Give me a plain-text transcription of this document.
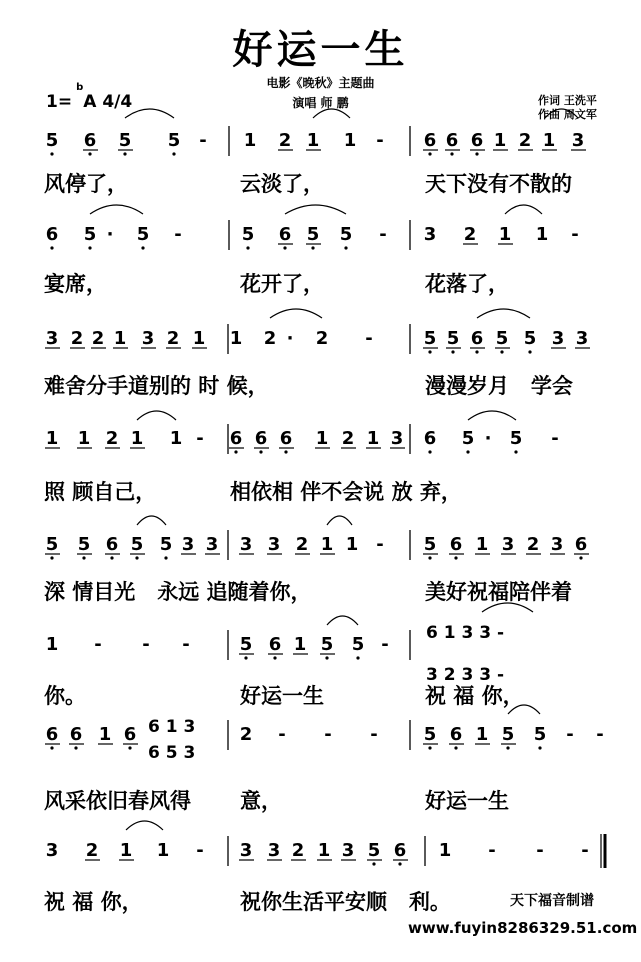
好运一生
电影《晚秋》主题曲
演唱 师 鹏
1=$^b$A 4/4	作词 王洗平
作曲 周文军
5 6 5 5 - 1 2 1 1 - 6 6 6 1 2 1 3
6 5 · 5 -	5 6 5 5 - 3 2 1 1 -
3 2 2 1 3 2 1 1 2 · 2 -	5 5 6 5 5 3 3
1 1 2 1 1 - 6 6 6 1 2 1 3 6 5 · 5 -
5 5 6 5 5 3 3 3 3 2 1 1 - 5 6 1 3 2 3 6
1 - - -	5 6 1 5 5 -
6 1 3 3 -
3 2 3 3 -
6 6 1 6 6 1 3
6 5 3
2 - - -	5 6 1 5 5 - -
3 2 1 1 - 3 3 2 1 3 5 6 1 - - -
风停了，	云淡了，	天下没有不散的
宴席，	花开了，	花落了，
难舍分手道别的 时 候，	漫漫岁月   学会
照 顾自己，	相依相 伴不会说 放 弃，
深 情目光   永远 追随着你，	美好祝福陪伴着
你。	好运一生	祝 福 你，
风采依旧春风得 意，	好运一生
祝 福 你，	祝你生活平安顺   利。	天下福音制谱
www.fuyin8286329.51.com
